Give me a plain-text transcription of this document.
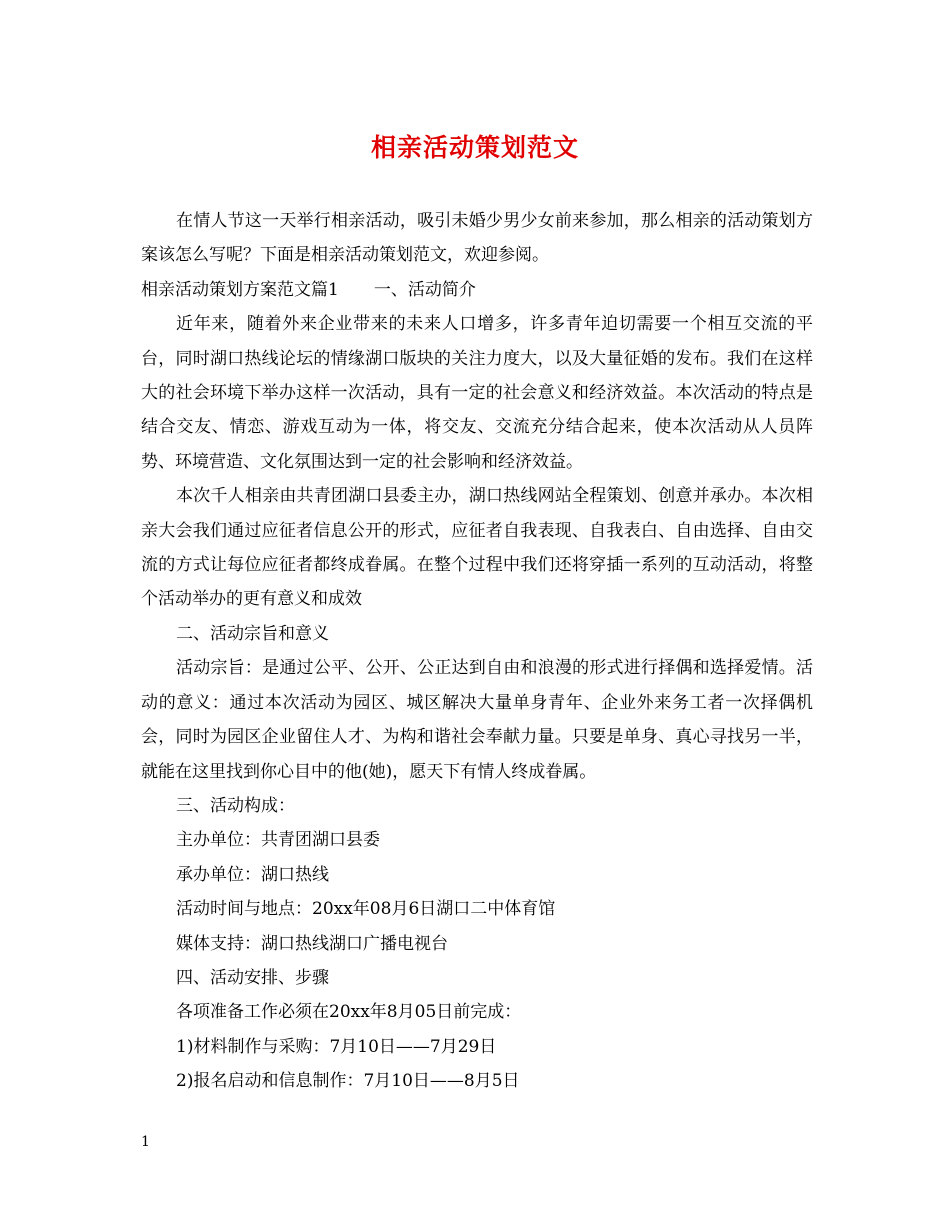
相亲活动策划范文

在情人节这一天举行相亲活动，吸引未婚少男少女前来参加，那么相亲的活动策划方案该怎么写呢？下面是相亲活动策划范文，欢迎参阅。

相亲活动策划方案范文篇1 一、活动简介

近年来，随着外来企业带来的未来人口增多，许多青年迫切需要一个相互交流的平台，同时湖口热线论坛的情缘湖口版块的关注力度大，以及大量征婚的发布。我们在这样大的社会环境下举办这样一次活动，具有一定的社会意义和经济效益。本次活动的特点是结合交友、情恋、游戏互动为一体，将交友、交流充分结合起来，使本次活动从人员阵势、环境营造、文化氛围达到一定的社会影响和经济效益。

本次千人相亲由共青团湖口县委主办，湖口热线网站全程策划、创意并承办。本次相亲大会我们通过应征者信息公开的形式，应征者自我表现、自我表白、自由选择、自由交流的方式让每位应征者都终成眷属。在整个过程中我们还将穿插一系列的互动活动，将整个活动举办的更有意义和成效

二、活动宗旨和意义

活动宗旨：是通过公平、公开、公正达到自由和浪漫的形式进行择偶和选择爱情。活动的意义：通过本次活动为园区、城区解决大量单身青年、企业外来务工者一次择偶机会，同时为园区企业留住人才、为构和谐社会奉献力量。只要是单身、真心寻找另一半，就能在这里找到你心目中的他(她)，愿天下有情人终成眷属。

三、活动构成：

主办单位：共青团湖口县委

承办单位：湖口热线

活动时间与地点：20xx年08月6日湖口二中体育馆

媒体支持：湖口热线湖口广播电视台

四、活动安排、步骤

各项准备工作必须在20xx年8月05日前完成：

1)材料制作与采购：7月10日——7月29日

2)报名启动和信息制作：7月10日——8月5日

1
